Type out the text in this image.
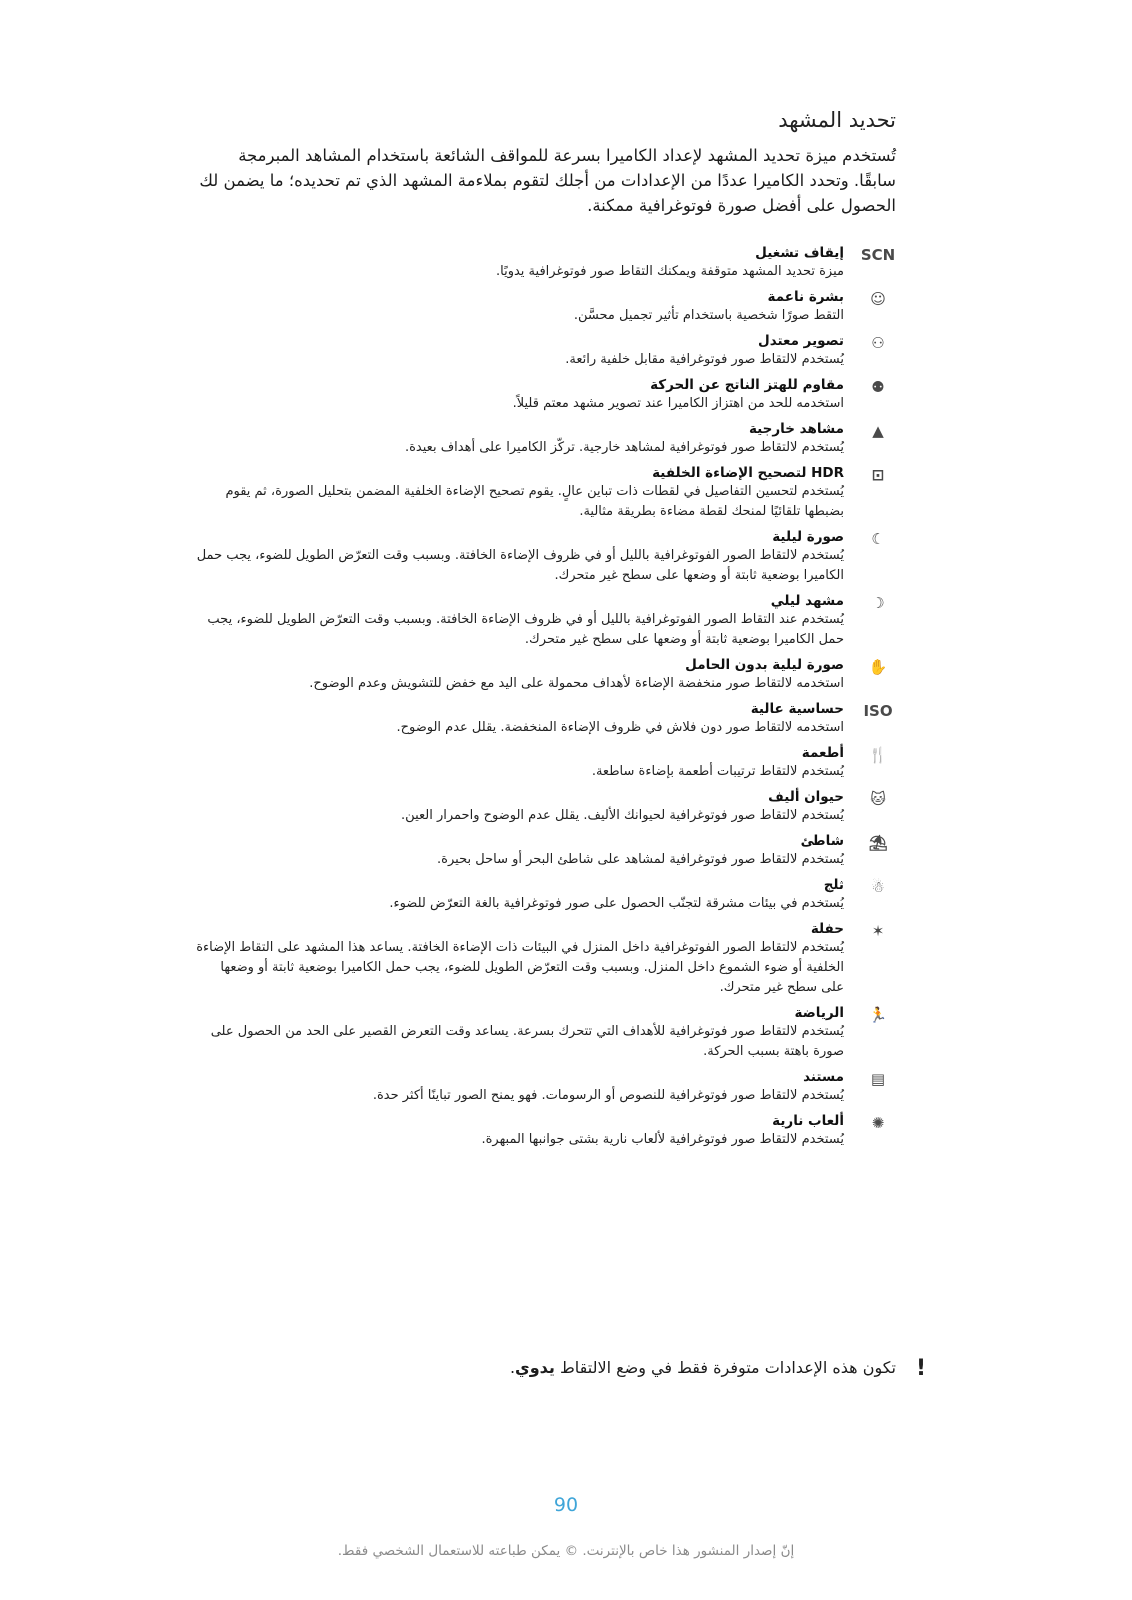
تحديد المشهد

تُستخدم ميزة تحديد المشهد لإعداد الكاميرا بسرعة للمواقف الشائعة باستخدام المشاهد المبرمجة سابقًا. وتحدد الكاميرا عددًا من الإعدادات من أجلك لتقوم بملاءمة المشهد الذي تم تحديده؛ ما يضمن لك الحصول على أفضل صورة فوتوغرافية ممكنة.

SCN
إيقاف تشغيل
ميزة تحديد المشهد متوقفة ويمكنك التقاط صور فوتوغرافية يدويًا.
☺
بشرة ناعمة
التقط صورًا شخصية باستخدام تأثير تجميل محسَّن.
⚇
تصوير معتدل
يُستخدم لالتقاط صور فوتوغرافية مقابل خلفية رائعة.
⚉
مقاوم للهتز الناتج عن الحركة
استخدمه للحد من اهتزاز الكاميرا عند تصوير مشهد معتم قليلاً.
▲
مشاهد خارجية
يُستخدم لالتقاط صور فوتوغرافية لمشاهد خارجية. تركّز الكاميرا على أهداف بعيدة.
⊡
HDR لتصحيح الإضاءة الخلفية
يُستخدم لتحسين التفاصيل في لقطات ذات تباين عالٍ. يقوم تصحيح الإضاءة الخلفية المضمن بتحليل الصورة، ثم يقوم بضبطها تلقائيًا لمنحك لقطة مضاءة بطريقة مثالية.
☾
صورة ليلية
يُستخدم لالتقاط الصور الفوتوغرافية بالليل أو في ظروف الإضاءة الخافتة. وبسبب وقت التعرّض الطويل للضوء، يجب حمل الكاميرا بوضعية ثابتة أو وضعها على سطح غير متحرك.
☽
مشهد ليلي
يُستخدم عند التقاط الصور الفوتوغرافية بالليل أو في ظروف الإضاءة الخافتة. وبسبب وقت التعرّض الطويل للضوء، يجب حمل الكاميرا بوضعية ثابتة أو وضعها على سطح غير متحرك.
✋
صورة ليلية بدون الحامل
استخدمه لالتقاط صور منخفضة الإضاءة لأهداف محمولة على اليد مع خفض للتشويش وعدم الوضوح.
ISO
حساسية عالية
استخدمه لالتقاط صور دون فلاش في ظروف الإضاءة المنخفضة. يقلل عدم الوضوح.
🍴
أطعمة
يُستخدم لالتقاط ترتيبات أطعمة بإضاءة ساطعة.
🐱
حيوان أليف
يُستخدم لالتقاط صور فوتوغرافية لحيوانك الأليف. يقلل عدم الوضوح واحمرار العين.
⛱
شاطئ
يُستخدم لالتقاط صور فوتوغرافية لمشاهد على شاطئ البحر أو ساحل بحيرة.
☃
ثلج
يُستخدم في بيئات مشرقة لتجنّب الحصول على صور فوتوغرافية بالغة التعرّض للضوء.
✶
حفلة
يُستخدم لالتقاط الصور الفوتوغرافية داخل المنزل في البيئات ذات الإضاءة الخافتة. يساعد هذا المشهد على التقاط الإضاءة الخلفية أو ضوء الشموع داخل المنزل. وبسبب وقت التعرّض الطويل للضوء، يجب حمل الكاميرا بوضعية ثابتة أو وضعها على سطح غير متحرك.
🏃
الرياضة
يُستخدم لالتقاط صور فوتوغرافية للأهداف التي تتحرك بسرعة. يساعد وقت التعرض القصير على الحد من الحصول على صورة باهتة بسبب الحركة.
▤
مستند
يُستخدم لالتقاط صور فوتوغرافية للنصوص أو الرسومات. فهو يمنح الصور تباينًا أكثر حدة.
✺
ألعاب نارية
يُستخدم لالتقاط صور فوتوغرافية لألعاب نارية بشتى جوانبها المبهرة.
!
تكون هذه الإعدادات متوفرة فقط في وضع الالتقاط يدوي.
90
إنّ إصدار المنشور هذا خاص بالإنترنت. © يمكن طباعته للاستعمال الشخصي فقط.
